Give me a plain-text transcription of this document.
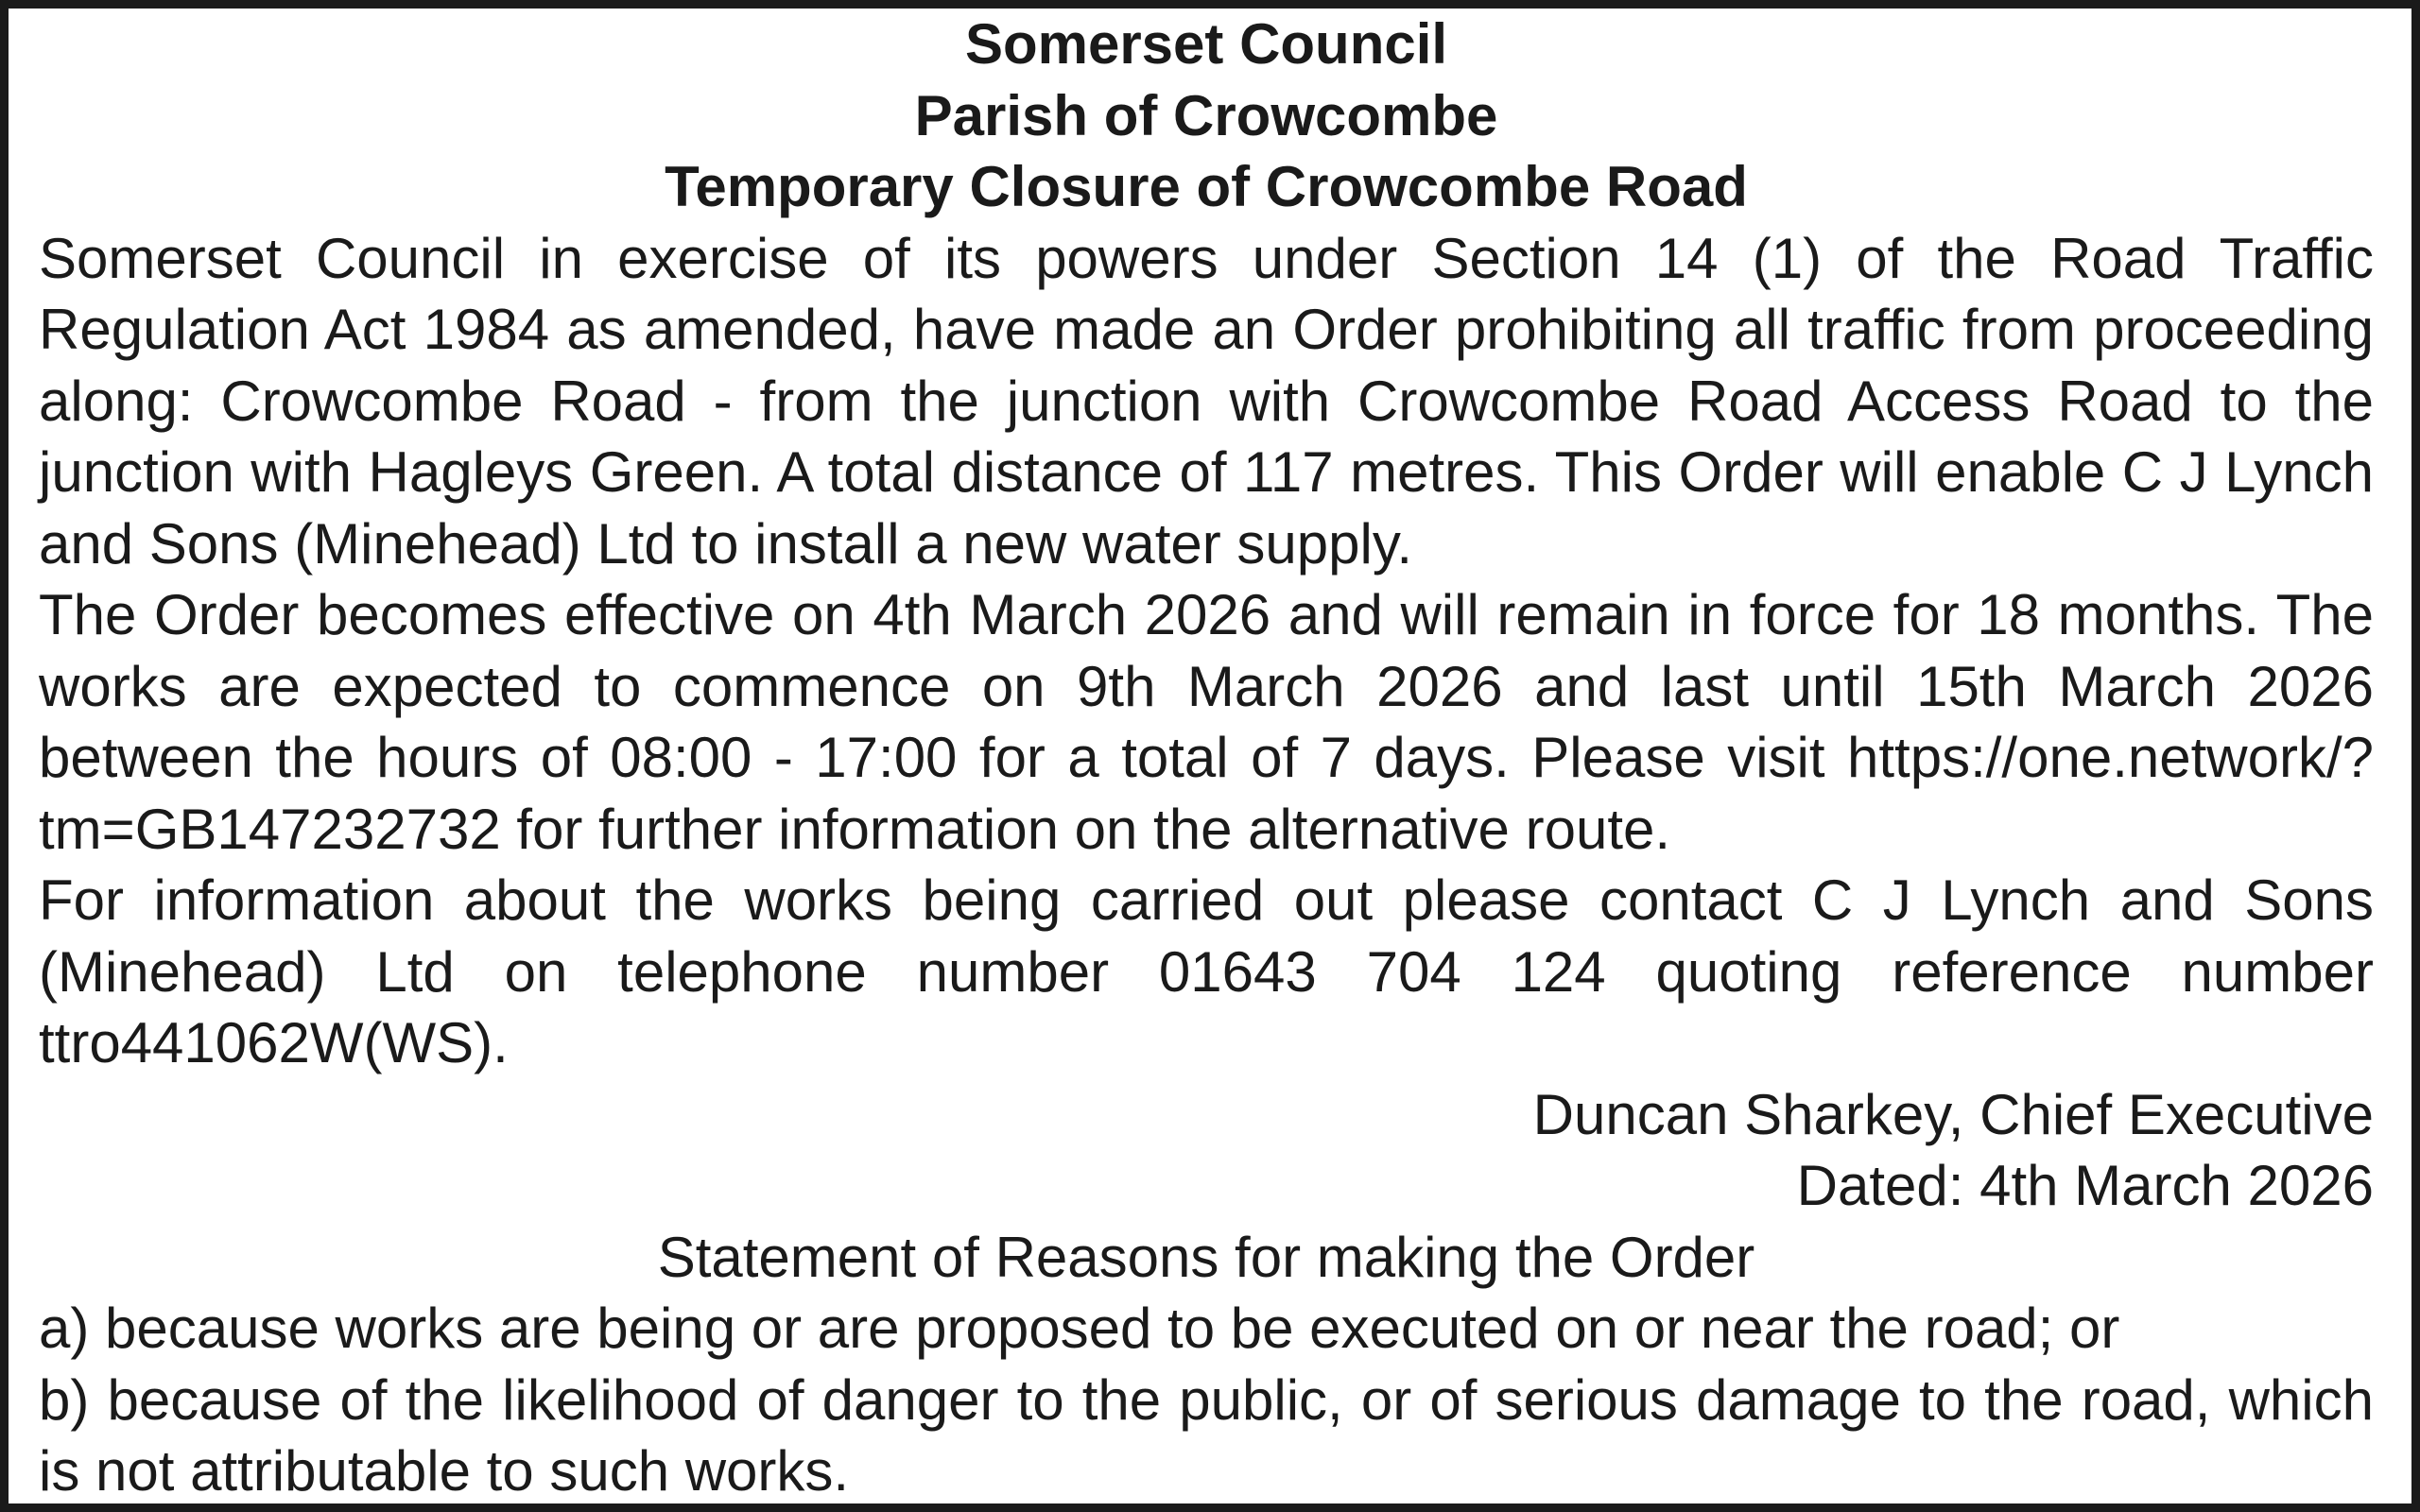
Somerset Council

Parish of Crowcombe

Temporary Closure of Crowcombe Road

Somerset Council in exercise of its powers under Section 14 (1) of the Road Traffic Regulation Act 1984 as amended, have made an Order prohibiting all traffic from proceeding along: Crowcombe Road - from the junction with Crowcombe Road Access Road to the junction with Hagleys Green. A total distance of 117 metres. This Order will enable C J Lynch and Sons (Minehead) Ltd to install a new water supply.

The Order becomes effective on 4th March 2026 and will remain in force for 18 months. The works are expected to commence on 9th March 2026 and last until 15th March 2026 between the hours of 08:00 - 17:00 for a total of 7 days. Please visit https://one.network/?tm=GB147232732 for further information on the alternative route.

For information about the works being carried out please contact C J Lynch and Sons (Minehead) Ltd on telephone number 01643 704 124 quoting reference number ttro441062W(WS).

Duncan Sharkey, Chief Executive

Dated: 4th March 2026

Statement of Reasons for making the Order

a) because works are being or are proposed to be executed on or near the road; or

b) because of the likelihood of danger to the public, or of serious damage to the road, which is not attributable to such works.
